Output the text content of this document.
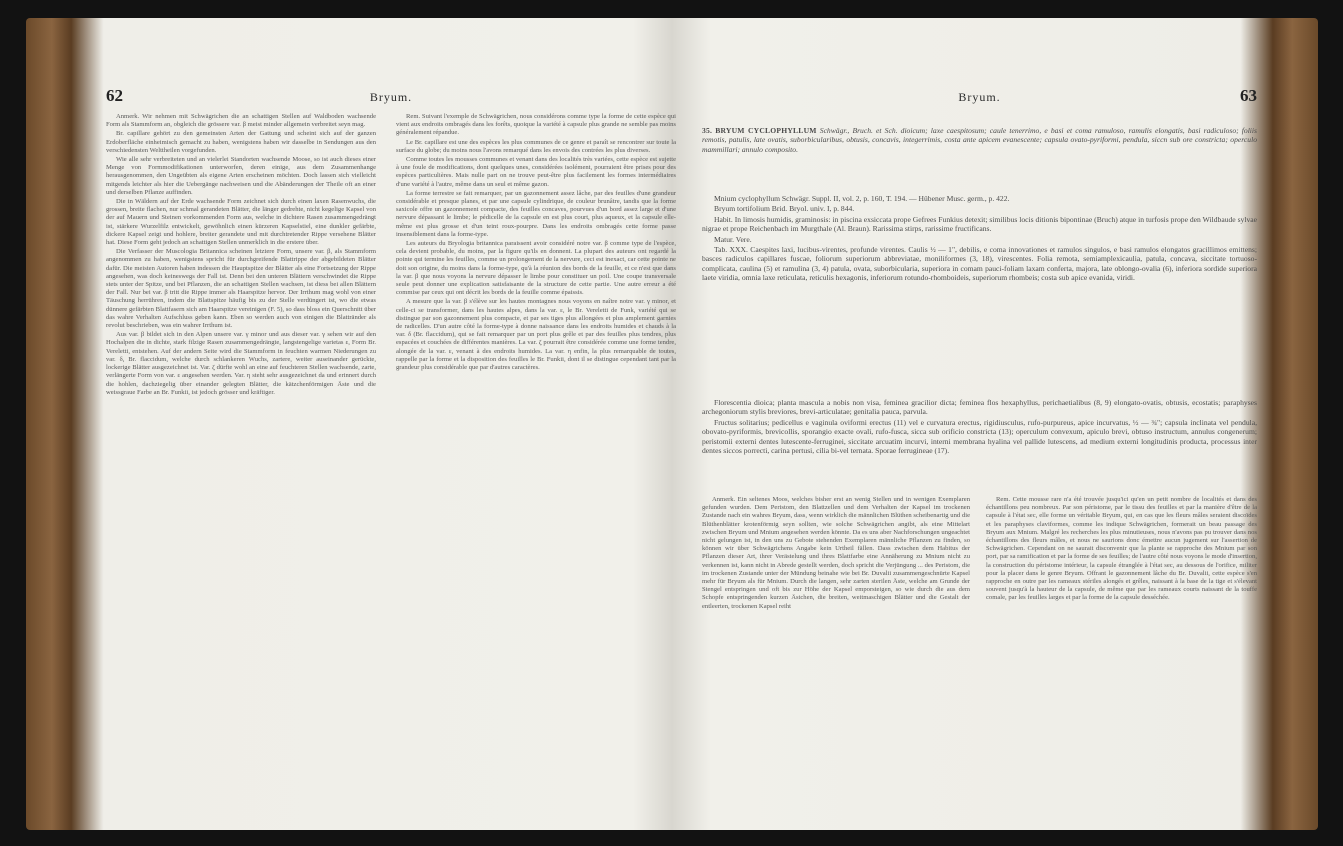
62	Bryum.

Anmerk. Wir nehmen mit Schwägrichen die an schattigen Stellen auf Waldboden wachsende Form als Stammform an, obgleich die grössere var. β meist minder allgemein verbreitet seyn mag.

Br. capillare gehört zu den gemeinsten Arten der Gattung und scheint sich auf der ganzen Erdoberfläche einheimisch gemacht zu haben, wenigstens haben wir dasselbe in Sendungen aus den verschiedensten Welttheilen vorgefunden.

Wie alle sehr verbreiteten und an vielerlei Standorten wachsende Moose, so ist auch dieses einer Menge von Formmodifikationen unterworfen, deren einige, aus dem Zusammenhange herausgenommen, den Ungeübten als eigene Arten erscheinen möchten. Doch lassen sich vielleicht mitgends leichter als hier die Uebergänge nachweisen und die Abänderungen der Theile oft an einer und derselben Pflanze auffinden.

Die in Wäldern auf der Erde wachsende Form zeichnet sich durch einen laxen Rasenwuchs, die grossen, breite flachen, nur schmal gerandeten Blätter, die länger gedrehte, nicht kegelige Kapsel von der auf Mauern und Steinen vorkommenden Form aus, welche in dichtere Rasen zusammengedrängt ist, stärkere Wurzelfilz entwickelt, gewöhnlich einen kürzeren Kapselstiel, eine dunkler gefärbte, dickere Kapsel zeigt und hohlere, breiter gerandete und mit durchtretender Rippe versehene Blätter hat. Diese Form geht jedoch an schattigen Stellen unmerklich in die erstere über.

Die Verfasser der Muscologia Britannica scheinen letztere Form, unsere var. β, als Stammform angenommen zu haben, wenigstens spricht für durchgreifende Blattrippe der abgebildeten Blätter dafür. Die meisten Autoren haben indessen die Hauptspitze der Blätter als eine Fortsetzung der Rippe angesehen, was doch keineswegs der Fall ist. Denn bei den unteren Blättern verschwindet die Rippe stets unter der Spitze, und bei Pflanzen, die an schattigen Stellen wachsen, ist diess bei allen Blättern der Fall. Nur bei var. β tritt die Rippe immer als Haarspitze hervor. Der Irrthum mag wohl von einer Täuschung herrühren, indem die Blattspitze häufig bis zu der Stelle verdüngert ist, wo die etwas dünnere gefärbten Blattfasern sich am Haarspitze vereinigen (F. 5), so dass bloss ein Querschnitt über das wahre Verhalten Aufschluss geben kann. Eben so werden auch von einigen die Blattränder als revolut beschrieben, was ein wahrer Irrthum ist.

Aus var. β bildet sich in den Alpen unsere var. γ minor und aus dieser var. γ sehen wir auf den Hochalpen die in dichte, stark filzige Rasen zusammengedrängte, langstengelige varietas ε, Form Br. Vereletti, entstehen. Auf der andern Seite wird die Stammform in feuchten warmen Niederungen zu var. δ, Br. flaccidum, welche durch schlankeren Wuchs, zartere, weiter auseinander gerückte, lockerige Blätter ausgezeichnet ist. Var. ζ dürfte wohl an eine auf feuchteren Stellen wachsende, zarte, verlängerte Form von var. ε angesehen werden. Var. η steht sehr ausgezeichnet da und erinnert durch die hohlen, dachziegelig über einander gelegten Blätter, die kätzchenförmigen Äste und die weissgraue Farbe an Br. Funkii, ist jedoch grösser und kräftiger.

Rem. Suivant l'exemple de Schwägrichen, nous considérons comme type la forme de cette espèce qui vient aux endroits ombragés dans les forêts, quoique la variété à capsule plus grande ne semble pas moins généralement répandue.

Le Br. capillare est une des espèces les plus communes de ce genre et paraît se rencontrer sur toute la surface du globe; du moins nous l'avons remarqué dans les envois des contrées les plus diverses.

Comme toutes les mousses communes et venant dans des localités très variées, cette espèce est sujette à une foule de modifications, dont quelques unes, considérées isolément, pourraient être prises pour des espèces particulières. Mais nulle part on ne trouve peut-être plus facilement les formes intermédiaires d'une variété à l'autre, même dans un seul et même gazon.

La forme terrestre se fait remarquer, par un gazonnement assez lâche, par des feuilles d'une grandeur considérable et presque planes, et par une capsule cylindrique, de couleur brunâtre, tandis que la forme saxicole offre un gazonnement compacte, des feuilles concaves, pourvues d'un bord assez large et d'une nervure dépassant le limbe; le pédicelle de la capsule en est plus court, plus aqueux, et la capsule elle-même est plus grosse et d'un teint roux-pourpre. Dans les endroits ombragés cette forme passe insensiblement dans la forme-type.

Les auteurs du Bryologia britannica paraissent avoir considéré notre var. β comme type de l'espèce, cela devient probable, du moins, par la figure qu'ils en donnent. La plupart des auteurs ont regardé la pointe qui termine les feuilles, comme un prolongement de la nervure, ceci est inexact, car cette pointe ne doit son origine, du moins dans la forme-type, qu'à la réunion des bords de la feuille, et ce n'est que dans la var. β que nous voyons la nervure dépasser le limbe pour constituer un poil. Une coupe transversale seule peut donner une explication satisfaisante de la structure de cette partie. Une autre erreur a été commise par ceux qui ont décrit les bords de la feuille comme épaissis.

A mesure que la var. β s'élève sur les hautes montagnes nous voyons en naître notre var. γ minor, et celle-ci se transformer, dans les hautes alpes, dans la var. ε, le Br. Vereletti de Funk, variété qui se distingue par son gazonnement plus compacte, et par ses tiges plus allongées et plus amplement garnies de radicelles. D'un autre côté la forme-type à donne naissance dans les endroits humides et chauds à la var. δ (Br. flaccidum), qui se fait remarquer par un port plus grêle et par des feuilles plus tendres, plus espacées et couchées de différentes manières. La var. ζ pourrait être considérée comme une forme tendre, alongée de la var. ε, venant à des endroits humides. La var. η enfin, la plus remarquable de toutes, rappelle par la forme et la disposition des feuilles le Br. Funkii, dont il se distingue cependant tant par la grandeur plus considérable que par d'autres caractères.

Bryum.	63
35. BRYUM CYCLOPHYLLUM Schwägr., Bruch. et Sch. dioicum; laxe caespitosum; caule tenerrimo, e basi et coma ramuloso, ramulis elongatis, basi radiculoso; foliis remotis, patulis, late ovatis, suborbicularibus, obtusis, concavis, integerrimis, costa ante apicem evanescente; capsula ovato-pyriformi, pendula, siccn sub ore constricta; operculo mammillari; annulo composito.

Mnium cyclophyllum Schwägr. Suppl. II, vol. 2, p. 160, T. 194. — Hübener Musc. germ., p. 422.

Bryum tortifolium Brid. Bryol. univ. I, p. 844.

Habit. In limosis humidis, graminosis: in piscina exsiccata prope Gefrees Funkius detexit; similibus locis ditionis bipontinae (Bruch) atque in turfosis prope den Wildbaude sylvae nigrae et prope Reichenbach im Murgthale (Al. Braun). Rarissima stirps, rarissime fructificans.

Matur. Vere.

Tab. XXX. Caespites laxi, lucibus-virentes, profunde virentes. Caulis ½ — 1", debilis, e coma innovationes et ramulos singulos, e basi ramulos elongatos gracillimos emittens; basces radiculos capillares fuscae, foliorum superiorum abbreviatae, moniliformes (3, 18), virescentes. Folia remota, semiamplexicaulia, patula, concava, siccitate tortuoso-complicata, caulina (5) et ramulina (3, 4) patula, ovata, suborbicularia, superiora in comam pauci-foliam laxam conferta, majora, late oblongo-ovalia (6), inferiora sordide superiora laete viridia, omnia laxe reticulata, reticulis hexagonis, inferiorum rotundo-rhomboideis, superiorum rhombeis; costa sub apice evanida, viridi.

Florescentia dioica; planta mascula a nobis non visa, feminea gracilior dicta; feminea flos hexaphyllus, perichaetialibus (8, 9) elongato-ovatis, obtusis, ecostatis; paraphyses archegoniorum stylis breviores, brevi-articulatae; genitalia pauca, parvula.

Fructus solitarius; pedicellus e vaginula oviformi erectus (11) vel e curvatura erectus, rigidiusculus, rufo-purpureus, apice incurvatus, ½ — ¾"; capsula inclinata vel pendula, obovato-pyriformis, brevicollis, sporangio exacte ovali, rufo-fusca, sicca sub orificio constricta (13); operculum convexum, apiculo brevi, obtuso instructum, annulus congenerum; peristomii externi dentes lutescente-ferruginei, siccitate arcuatim incurvi, interni membrana hyalina vel pallide lutescens, ad medium externi longitudinis producta, processus inter dentes siccos porrecti, carina pertusi, cilia bi-vel ternata. Sporae ferrugineae (17).

Anmerk. Ein seltenes Moos, welches bisher erst an wenig Stellen und in wenigen Exemplaren gefunden wurden. Dem Peristom, den Blattzellen und dem Verhalten der Kapsel im trockenen Zustande nach ein wahres Bryum, dass, wenn wirklich die männlichen Blüthen scheibenartig und die Blüthenblätter krotenförmig seyn sollten, wie solche Schwägrichen angibt, als eine Mittelart zwischen Bryum und Mnium angesehen werden könnte. Da es uns aber Nachforschungen ungeachtet nicht gelungen ist, in den uns zu Gebote stehenden Exemplaren männliche Pflanzen zu finden, so können wir über Schwägrichens Angabe kein Urtheil fällen. Dass zwischen dem Habitus der Pflanzen dieser Art, ihrer Verästelung und ihres Blattfarbe eine Annäherung zu Mnium nicht zu verkennen ist, kann nicht in Abrede gestellt werden, doch spricht die Verjüngung ... des Peristom, die im trockenen Zustande unter der Mündung beinahe wie bei Br. Duvalii zusammengeschnürte Kapsel mehr für Bryum als für Mnium. Durch die langen, sehr zarten sterilen Äste, welche am Grunde der Stengel entspringen und oft bis zur Höhe der Kapsel emporsteigen, so wie durch die aus dem Schopfe entspringenden kurzen Ästchen, die breiten, weitmaschigen Blätter und die Gestalt der entleerten, trockenen Kapsel reiht

Rem. Cette mousse rare n'a été trouvée jusqu'ici qu'en un petit nombre de localités et dans des échantillons peu nombreux. Par son péristome, par le tissu des feuilles et par la manière d'être de la capsule à l'état sec, elle forme un véritable Bryum, qui, en cas que les fleurs mâles seraient discoïdes et les paraphyses claviformes, comme les indique Schwägrichen, formerait un beau passage des Bryum aux Mnium. Malgré les recherches les plus minutieuses, nous n'avons pas pu trouver dans nos échantillons des fleurs mâles, et nous ne saurions donc émettre aucun jugement sur l'assertion de Schwägrichen. Cependant on ne saurait disconvenir que la plante se rapproche des Mnium par son port, par sa ramification et par la forme de ses feuilles; de l'autre côté nous voyons le mode d'insertion, la construction du péristome intérieur, la capsule étranglée à l'état sec, au dessous de l'orifice, militer pour la placer dans le genre Bryum. Offrant le gazonnement lâche du Br. Duvalii, cette espèce s'en rapproche en outre par les rameaux stériles alongés et grêles, naissant à la base de la tige et s'élevant souvent jusqu'à la hauteur de la capsule, de même que par les rameaux courts naissant de la touffe comale, par les feuilles larges et par la forme de la capsule desséchée.
